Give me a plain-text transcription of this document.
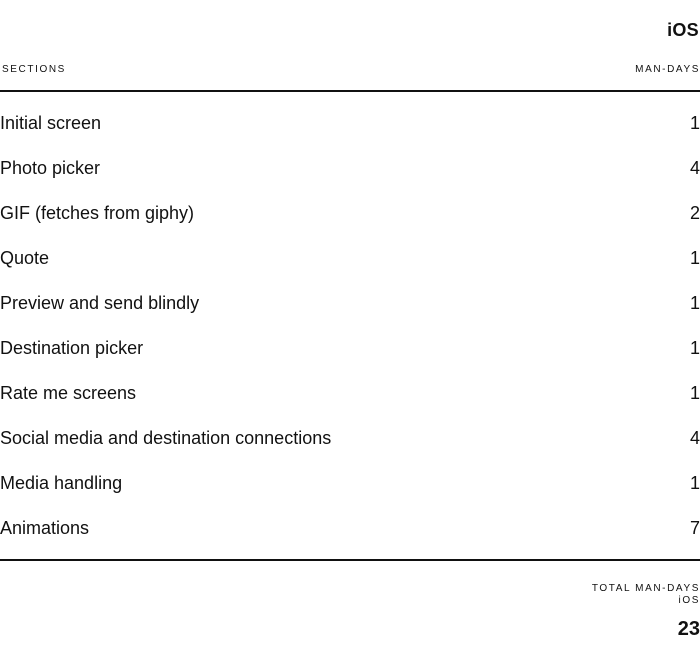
iOS
SECTIONS	MAN-DAYS
Initial screen	1
Photo picker	4
GIF (fetches from giphy)	2
Quote	1
Preview and send blindly	1
Destination picker	1
Rate me screens	1
Social media and destination connections	4
Media handling	1
Animations	7
TOTAL MAN-DAYS
iOS
23
